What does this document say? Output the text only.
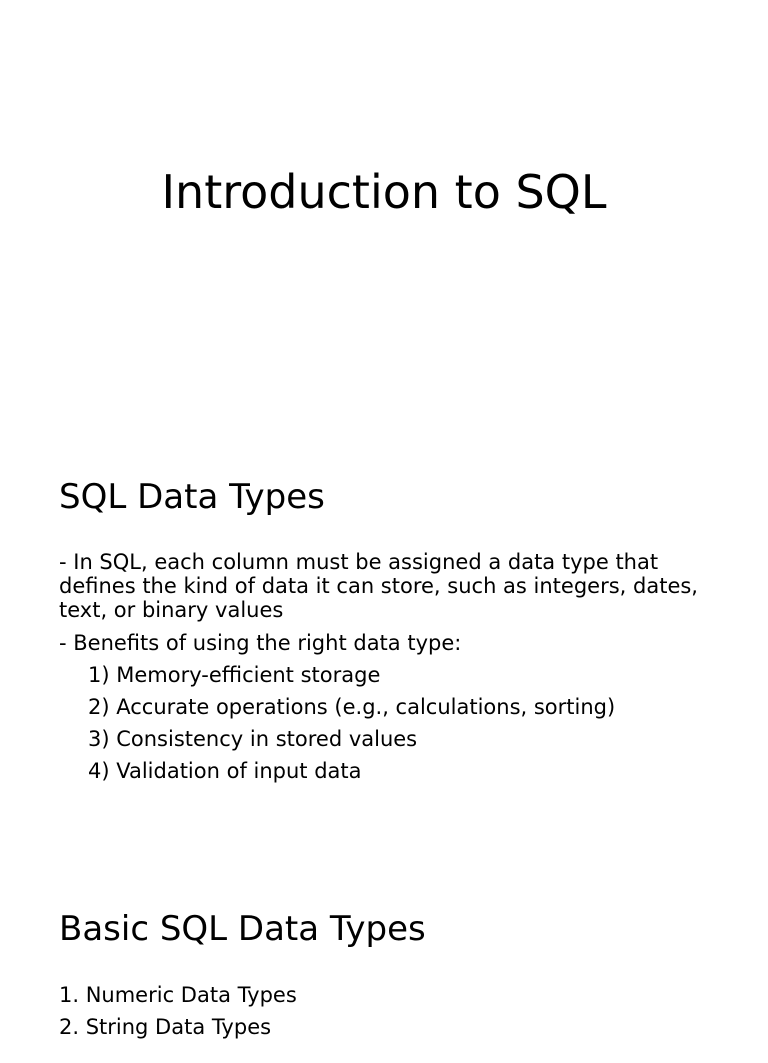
Introduction to SQL
SQL Data Types

- In SQL, each column must be assigned a data type that defines the kind of data it can store, such as integers, dates, text, or binary values

- Benefits of using the right data type:

1) Memory-efficient storage

2) Accurate operations (e.g., calculations, sorting)

3) Consistency in stored values

4) Validation of input data

Basic SQL Data Types

1. Numeric Data Types

2. String Data Types
